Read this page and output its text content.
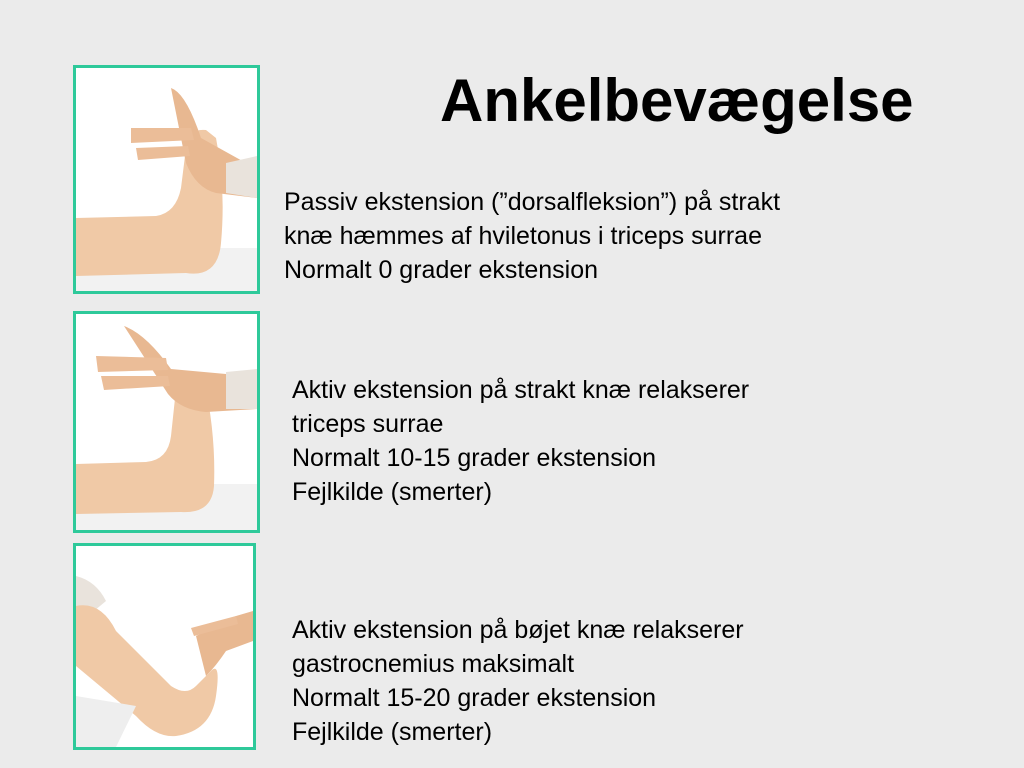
Ankelbevægelse
Passiv ekstension (”dorsalfleksion”) på strakt
knæ hæmmes af hviletonus i triceps surrae
Normalt 0 grader ekstension
Aktiv ekstension på strakt knæ relakserer
triceps surrae
Normalt 10-15 grader ekstension
Fejlkilde (smerter)
Aktiv ekstension på bøjet knæ relakserer
gastrocnemius maksimalt
Normalt 15-20 grader ekstension
Fejlkilde (smerter)
